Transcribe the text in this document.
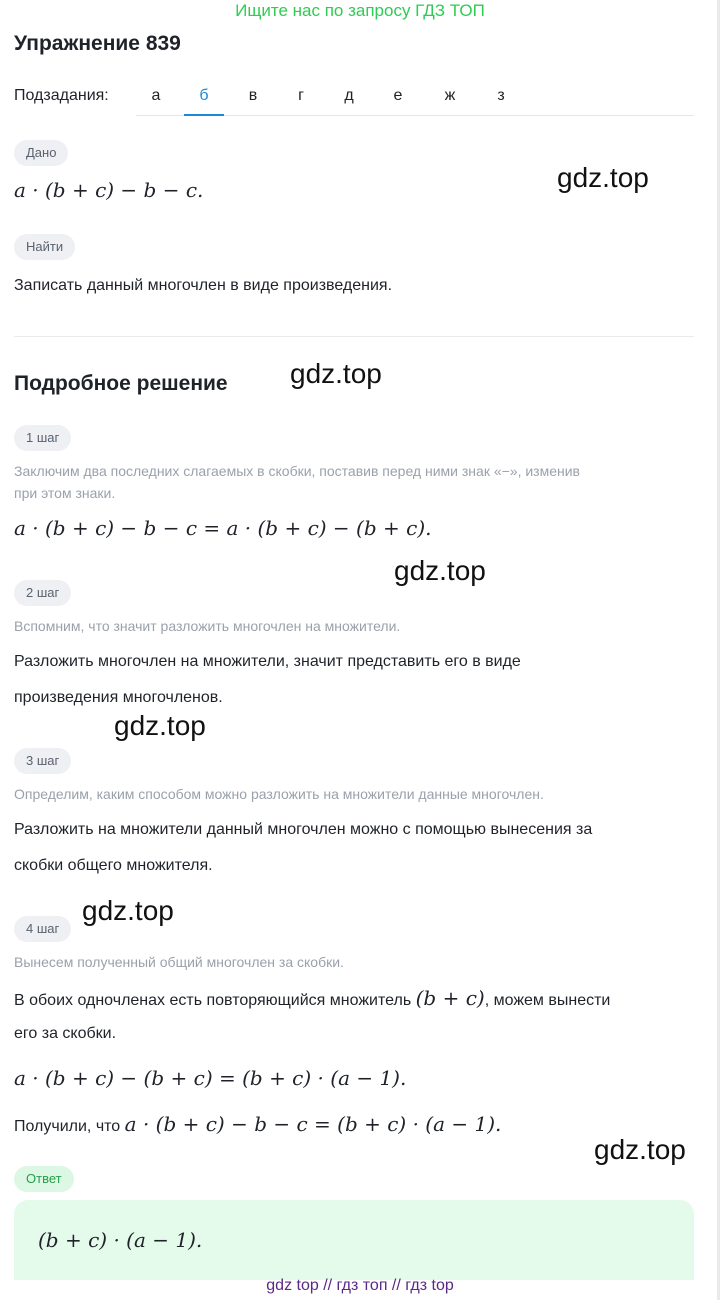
Ищите нас по запросу ГДЗ ТОП
Упражнение 839
Подзадания:	а	б	в	г	д	е	ж	з
Дано
a · (b + c) − b − c.
Найти
Записать данный многочлен в виде произведения.
Подробное решение
1 шаг
Заключим два последних слагаемых в скобки, поставив перед ними знак «−», изменив
при этом знаки.
a · (b + c) − b − c = a · (b + c) − (b + c).
2 шаг
Вспомним, что значит разложить многочлен на множители.
Разложить многочлен на множители, значит представить его в виде
произведения многочленов.
3 шаг
Определим, каким способом можно разложить на множители данные многочлен.
Разложить на множители данный многочлен можно с помощью вынесения за
скобки общего множителя.
4 шаг
Вынесем полученный общий многочлен за скобки.
В обоих одночленах есть повторяющийся множитель (b + c), можем вынести
его за скобки.
a · (b + c) − (b + c) = (b + c) · (a − 1).
Получили, что a · (b + c) − b − c = (b + c) · (a − 1).
Ответ
(b + c) · (a − 1).
gdz.top
gdz.top
gdz.top
gdz.top
gdz.top
gdz.top
gdz top // гдз топ // гдз top
